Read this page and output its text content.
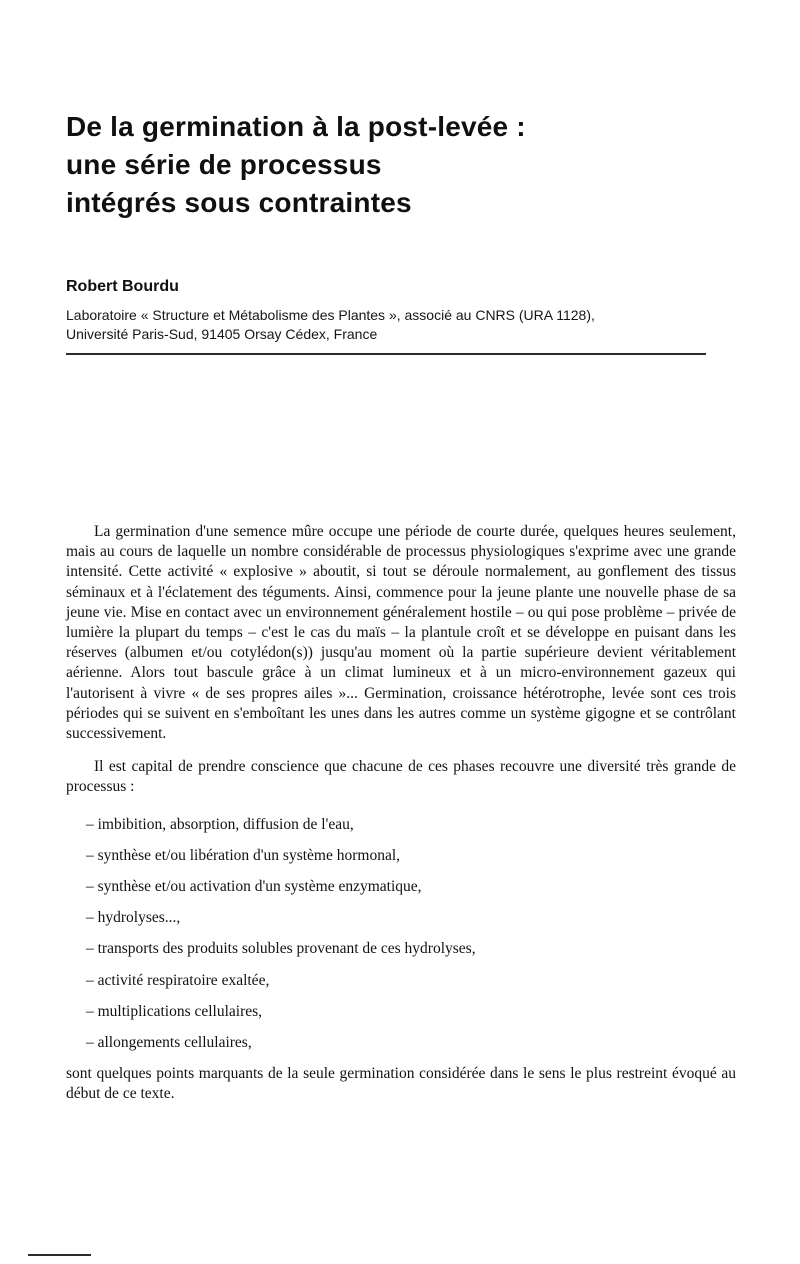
De la germination à la post-levée :
une série de processus
intégrés sous contraintes
Robert Bourdu
Laboratoire « Structure et Métabolisme des Plantes », associé au CNRS (URA 1128),
Université Paris-Sud, 91405 Orsay Cédex, France

La germination d'une semence mûre occupe une période de courte durée, quelques heures seulement, mais au cours de laquelle un nombre considérable de processus physiologiques s'exprime avec une grande intensité. Cette activité « explosive » aboutit, si tout se déroule normalement, au gonflement des tissus séminaux et à l'éclatement des téguments. Ainsi, commence pour la jeune plante une nouvelle phase de sa jeune vie. Mise en contact avec un environnement généralement hostile – ou qui pose problème – privée de lumière la plupart du temps – c'est le cas du maïs – la plantule croît et se développe en puisant dans les réserves (albumen et/ou cotylédon(s)) jusqu'au moment où la partie supérieure devient véritablement aérienne. Alors tout bascule grâce à un climat lumineux et à un micro-environnement gazeux qui l'autorisent à vivre « de ses propres ailes »... Germination, croissance hétérotrophe, levée sont ces trois périodes qui se suivent en s'emboîtant les unes dans les autres comme un système gigogne et se contrôlant successivement.

Il est capital de prendre conscience que chacune de ces phases recouvre une diversité très grande de processus :

– imbibition, absorption, diffusion de l'eau,
– synthèse et/ou libération d'un système hormonal,
– synthèse et/ou activation d'un système enzymatique,
– hydrolyses...,
– transports des produits solubles provenant de ces hydrolyses,
– activité respiratoire exaltée,
– multiplications cellulaires,
– allongements cellulaires,

sont quelques points marquants de la seule germination considérée dans le sens le plus restreint évoqué au début de ce texte.
